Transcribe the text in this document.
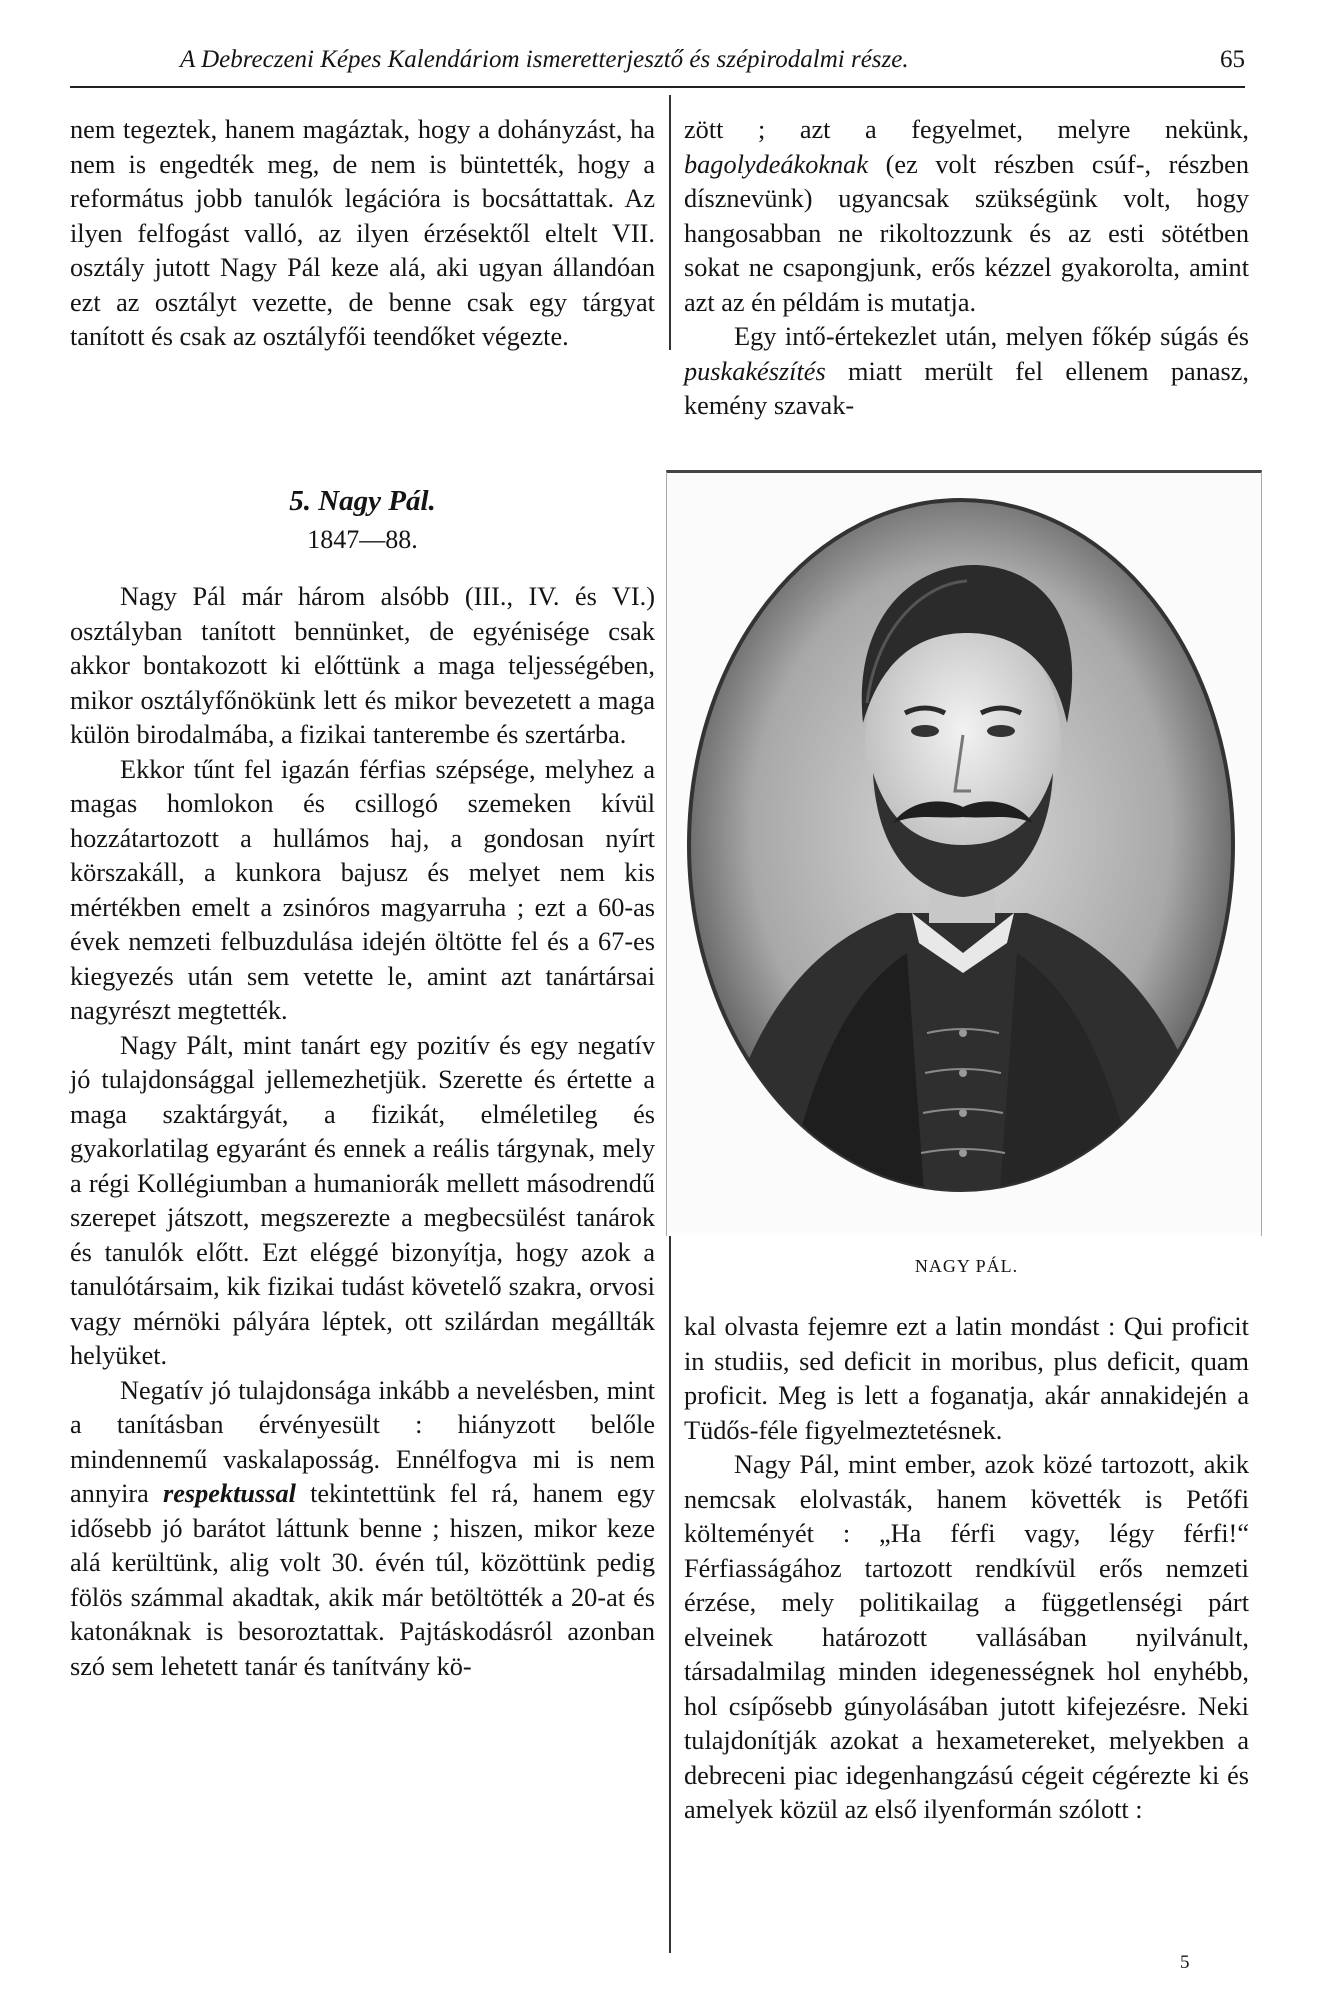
A Debreczeni Képes Kalendáriom ismeretterjesztő és szépirodalmi része.	65

nem tegeztek, hanem magáztak, hogy a dohányzást, ha nem is engedték meg, de nem is büntették, hogy a református jobb tanulók legációra is bocsáttattak. Az ilyen felfogást valló, az ilyen érzésektől eltelt VII. osztály jutott Nagy Pál keze alá, aki ugyan állandóan ezt az osztályt vezette, de benne csak egy tárgyat tanított és csak az osztályfői teendőket végezte.

5. Nagy Pál.
1847—88.

Nagy Pál már három alsóbb (III., IV. és VI.) osztályban tanított bennünket, de egyénisége csak akkor bontakozott ki előttünk a maga teljességében, mikor osztályfőnökünk lett és mikor bevezetett a maga külön birodalmába, a fizikai tanterembe és szertárba.

Ekkor tűnt fel igazán férfias szépsége, melyhez a magas homlokon és csillogó szemeken kívül hozzátartozott a hullámos haj, a gondosan nyírt körszakáll, a kunkora bajusz és melyet nem kis mértékben emelt a zsinóros magyarruha ; ezt a 60-as évek nemzeti felbuzdulása idején öltötte fel és a 67-es kiegyezés után sem vetette le, amint azt tanártársai nagyrészt megtették.

Nagy Pált, mint tanárt egy pozitív és egy negatív jó tulajdonsággal jellemezhetjük. Szerette és értette a maga szaktárgyát, a fizikát, elméletileg és gyakorlatilag egyaránt és ennek a reális tárgynak, mely a régi Kollégiumban a humaniorák mellett másodrendű szerepet játszott, megszerezte a megbecsülést tanárok és tanulók előtt. Ezt eléggé bizonyítja, hogy azok a tanulótársaim, kik fizikai tudást követelő szakra, orvosi vagy mérnöki pályára léptek, ott szilárdan megállták helyüket.

Negatív jó tulajdonsága inkább a nevelésben, mint a tanításban érvényesült : hiányzott belőle mindennemű vaskalaposság. Ennélfogva mi is nem annyira respektussal tekintettünk fel rá, hanem egy idősebb jó barátot láttunk benne ; hiszen, mikor keze alá kerültünk, alig volt 30. évén túl, közöttünk pedig fölös számmal akadtak, akik már betöltötték a 20-at és katonáknak is besoroztattak. Pajtáskodásról azonban szó sem lehetett tanár és tanítvány kö-

zött ; azt a fegyelmet, melyre nekünk, bagolydeákoknak (ez volt részben csúf-, részben dísznevünk) ugyancsak szükségünk volt, hogy hangosabban ne rikoltozzunk és az esti sötétben sokat ne csapongjunk, erős kézzel gyakorolta, amint azt az én példám is mutatja.

Egy intő-értekezlet után, melyen főkép súgás és puskakészítés miatt merült fel ellenem panasz, kemény szavak-

NAGY PÁL.

kal olvasta fejemre ezt a latin mondást : Qui proficit in studiis, sed deficit in moribus, plus deficit, quam proficit. Meg is lett a foganatja, akár annakidején a Tüdős-féle figyelmeztetésnek.

Nagy Pál, mint ember, azok közé tartozott, akik nemcsak elolvasták, hanem követték is Petőfi költeményét : „Ha férfi vagy, légy férfi!“ Férfiasságához tartozott rendkívül erős nemzeti érzése, mely politikailag a függetlenségi párt elveinek határozott vallásában nyilvánult, társadalmilag minden idegenességnek hol enyhébb, hol csípősebb gúnyolásában jutott kifejezésre. Neki tulajdonítják azokat a hexametereket, melyekben a debreceni piac idegenhangzású cégeit cégérezte ki és amelyek közül az első ilyenformán szólott :

5
